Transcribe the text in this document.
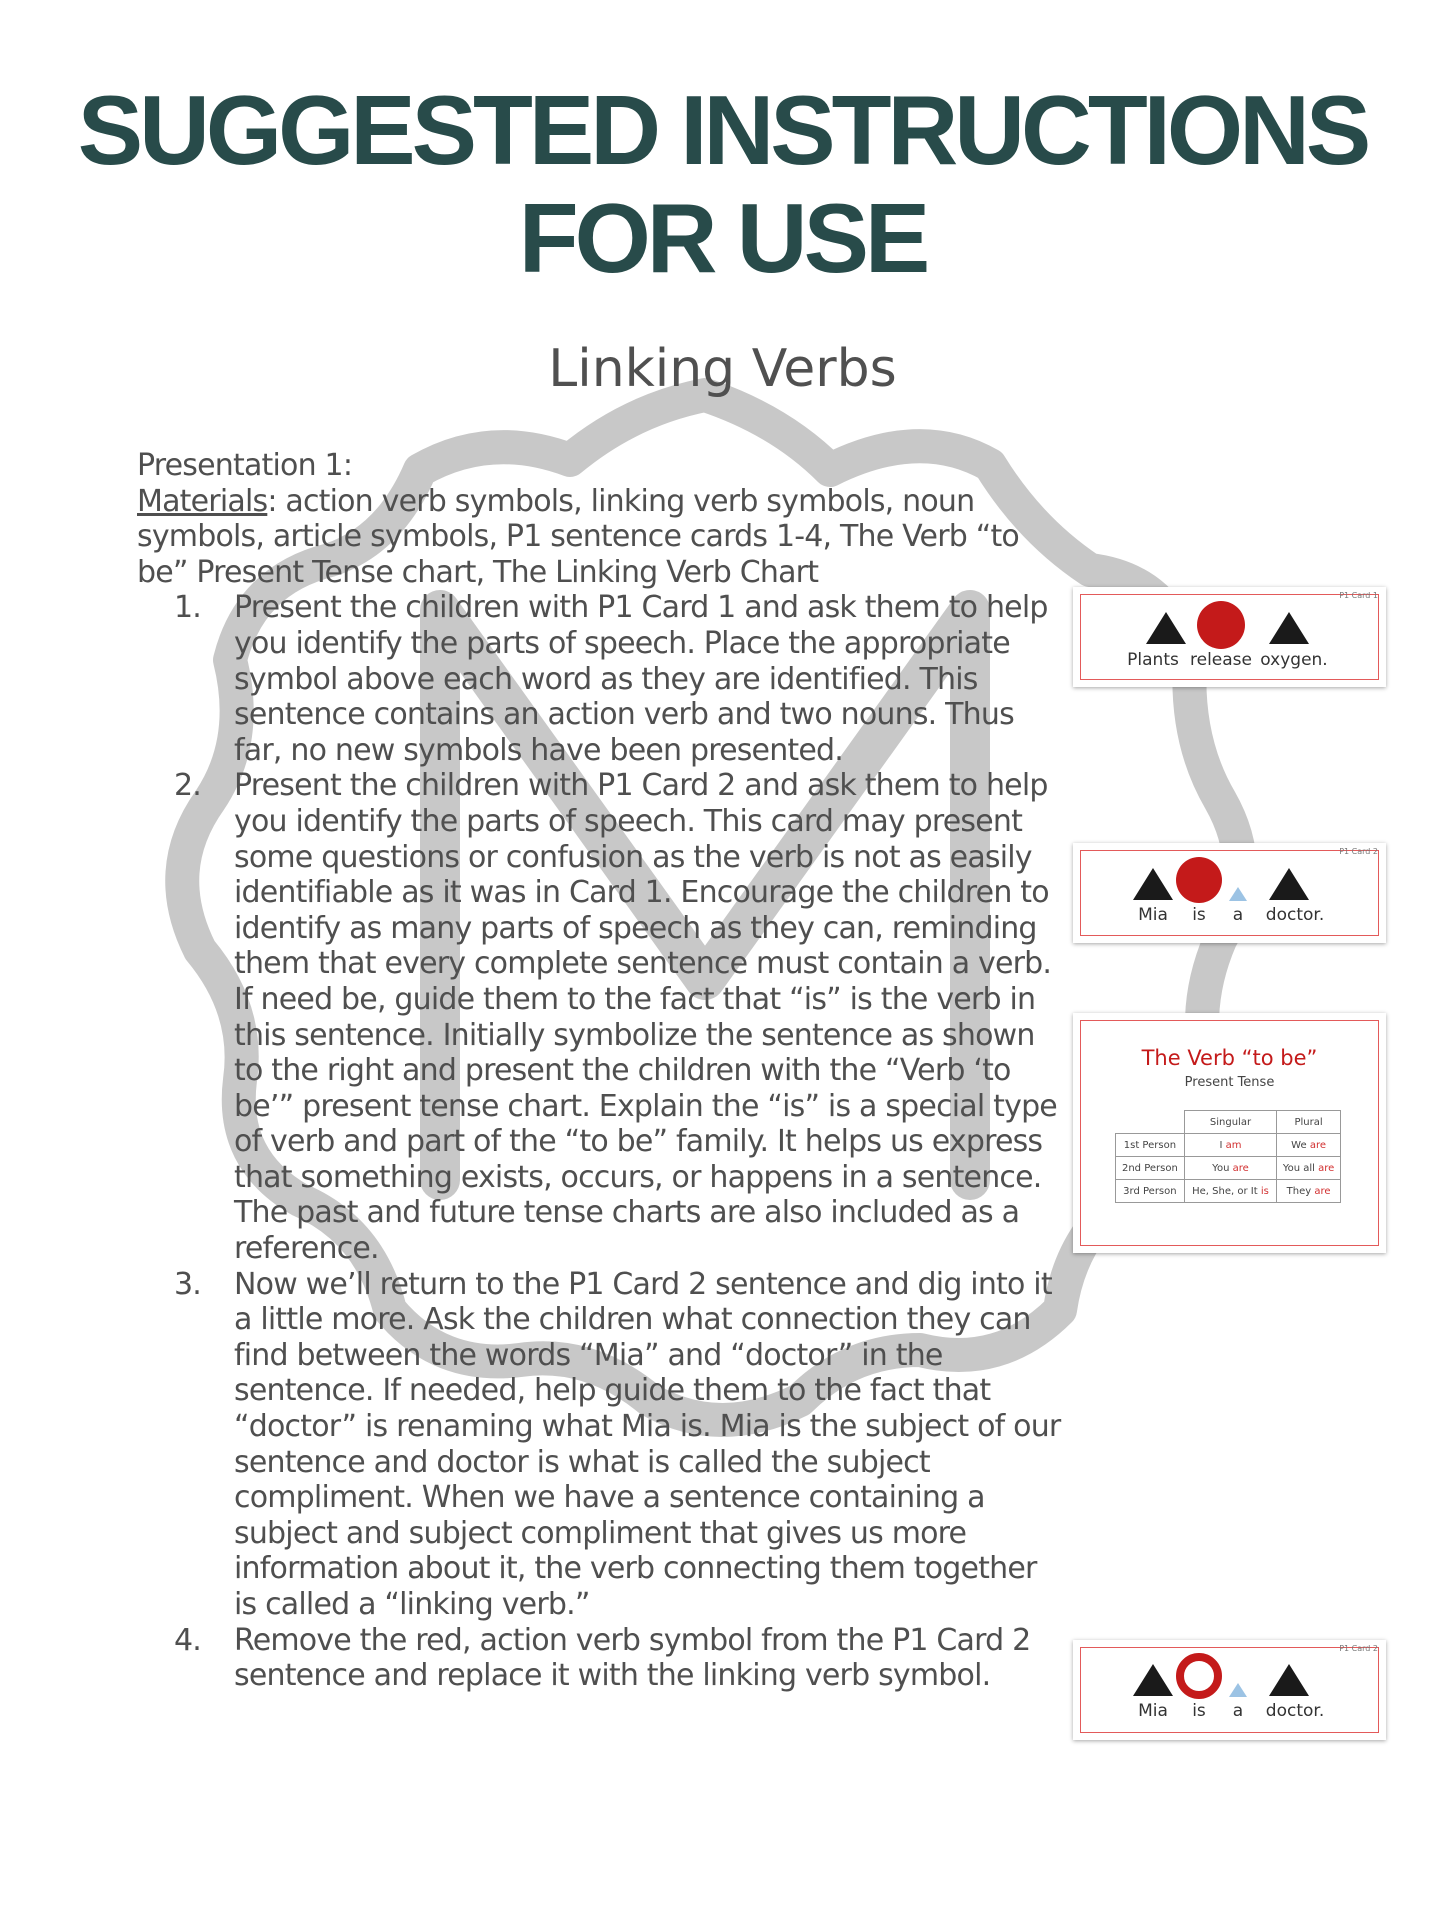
SUGGESTED INSTRUCTIONS
FOR USE
Linking Verbs

Presentation 1:

Materials: action verb symbols, linking verb symbols, noun symbols, article symbols, P1 sentence cards 1-4, The Verb “to be” Present Tense chart, The Linking Verb Chart

1.	Present the children with P1 Card 1 and ask them to help you identify the parts of speech. Place the appropriate symbol above each word as they are identified. This sentence contains an action verb and two nouns. Thus far, no new symbols have been presented.
2.	Present the children with P1 Card 2 and ask them to help you identify the parts of speech. This card may present some questions or confusion as the verb is not as easily identifiable as it was in Card 1. Encourage the children to identify as many parts of speech as they can, reminding them that every complete sentence must contain a verb. If need be, guide them to the fact that “is” is the verb in this sentence. Initially symbolize the sentence as shown to the right and present the children with the “Verb ‘to be’” present tense chart. Explain the “is” is a special type of verb and part of the “to be” family. It helps us express that something exists, occurs, or happens in a sentence. The past and future tense charts are also included as a reference.
3.	Now we’ll return to the P1 Card 2 sentence and dig into it a little more. Ask the children what connection they can find between the words “Mia” and “doctor” in the sentence. If needed, help guide them to the fact that “doctor” is renaming what Mia is. Mia is the subject of our sentence and doctor is what is called the subject compliment. When we have a sentence containing a subject and subject compliment that gives us more information about it, the verb connecting them together is called a “linking verb.”
4.	Remove the red, action verb symbol from the P1 Card 2 sentence and replace it with the linking verb symbol.
P1 Card 1
Plants release oxygen.
P1 Card 2
Mia is a doctor.
The Verb “to be”
Present Tense
	Singular	Plural
1st Person	I am	We are
2nd Person	You are	You all are
3rd Person	He, She, or It is	They are
P1 Card 2
Mia is a doctor.
